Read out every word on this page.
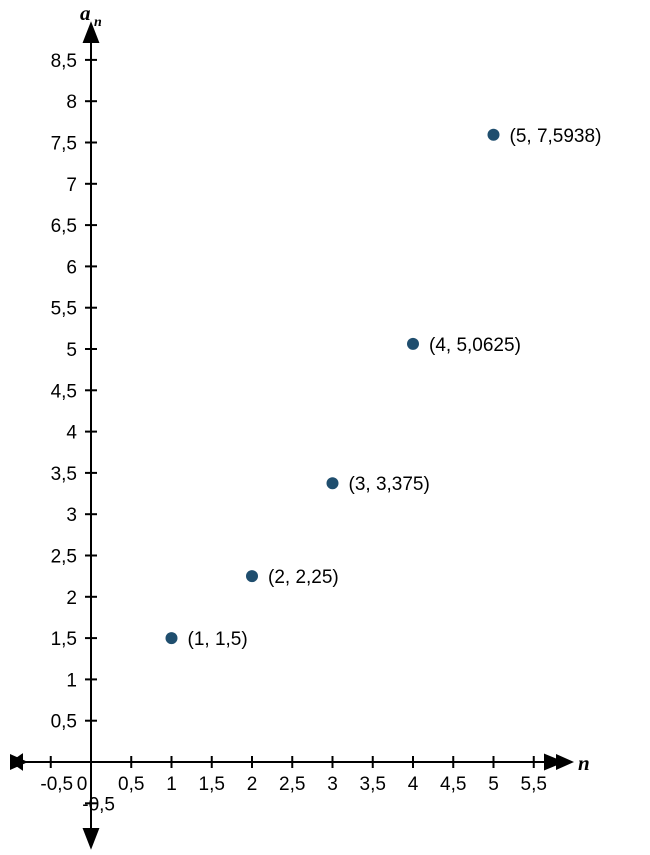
n
a n
-0,5 0 0,5 1 1,5 2 2,5 3 3,5 4 4,5 5 5,5
-0,5
0,5
1
1,5
2
2,5
3
3,5
4
4,5
5
5,5
6
6,5
7
7,5
8
8,5
(1, 1,5)
(2, 2,25)
(3, 3,375)
(4, 5,0625)
(5, 7,5938)
